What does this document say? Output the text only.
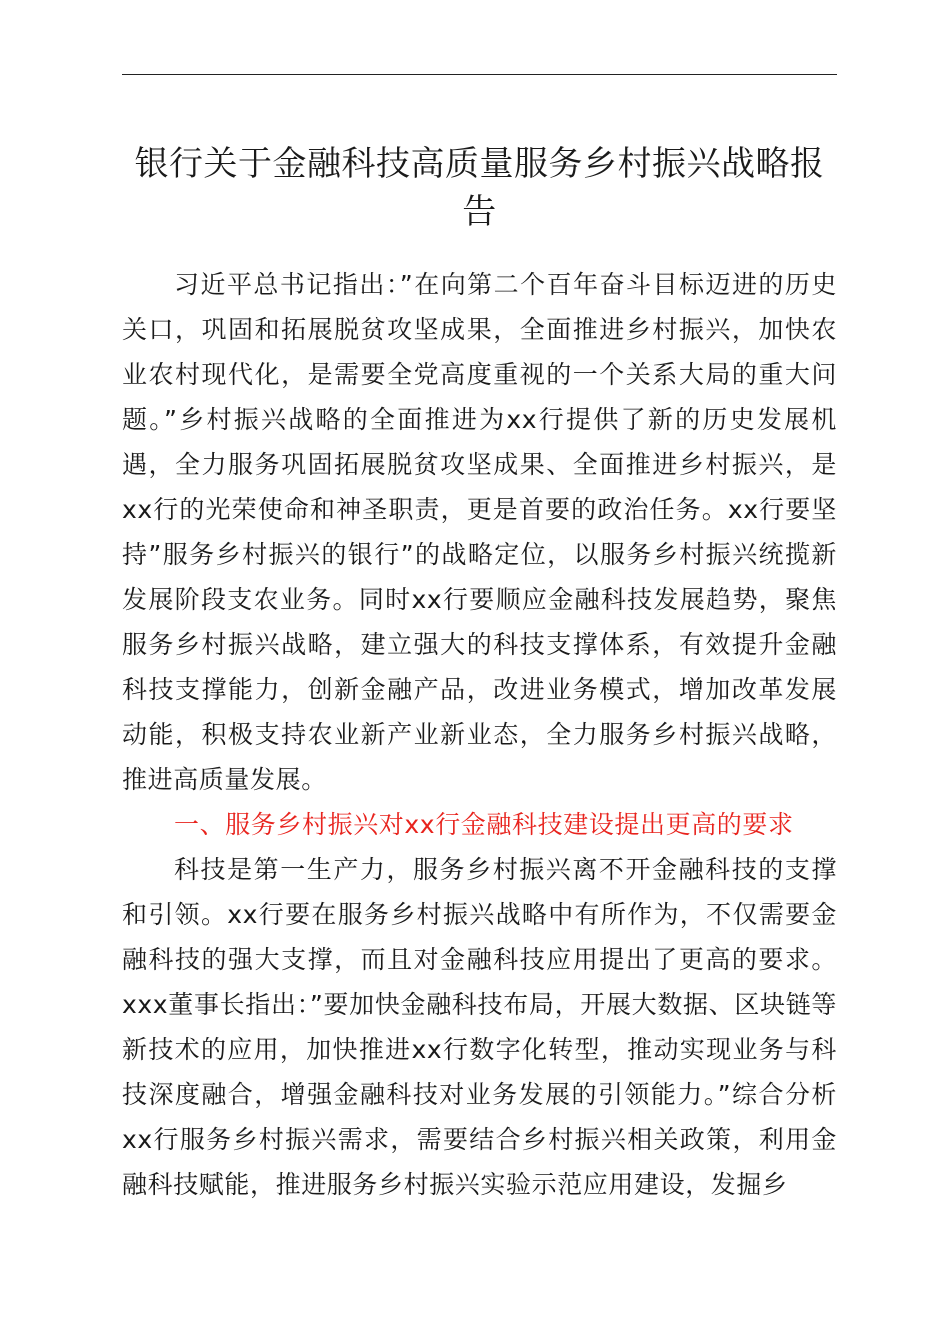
银行关于金融科技高质量服务乡村振兴战略报告

习近平总书记指出：”在向第二个百年奋斗目标迈进的历史关口，巩固和拓展脱贫攻坚成果，全面推进乡村振兴，加快农业农村现代化，是需要全党高度重视的一个关系大局的重大问题。”乡村振兴战略的全面推进为xx行提供了新的历史发展机遇，全力服务巩固拓展脱贫攻坚成果、全面推进乡村振兴，是xx行的光荣使命和神圣职责，更是首要的政治任务。xx行要坚持”服务乡村振兴的银行”的战略定位，以服务乡村振兴统揽新发展阶段支农业务。同时xx行要顺应金融科技发展趋势，聚焦服务乡村振兴战略，建立强大的科技支撑体系，有效提升金融科技支撑能力，创新金融产品，改进业务模式，增加改革发展动能，积极支持农业新产业新业态，全力服务乡村振兴战略，推进高质量发展。

一、服务乡村振兴对xx行金融科技建设提出更高的要求

科技是第一生产力，服务乡村振兴离不开金融科技的支撑和引领。xx行要在服务乡村振兴战略中有所作为，不仅需要金融科技的强大支撑，而且对金融科技应用提出了更高的要求。xxx董事长指出：”要加快金融科技布局，开展大数据、区块链等新技术的应用，加快推进xx行数字化转型，推动实现业务与科技深度融合，增强金融科技对业务发展的引领能力。”综合分析xx行服务乡村振兴需求，需要结合乡村振兴相关政策，利用金融科技赋能，推进服务乡村振兴实验示范应用建设，发掘乡
